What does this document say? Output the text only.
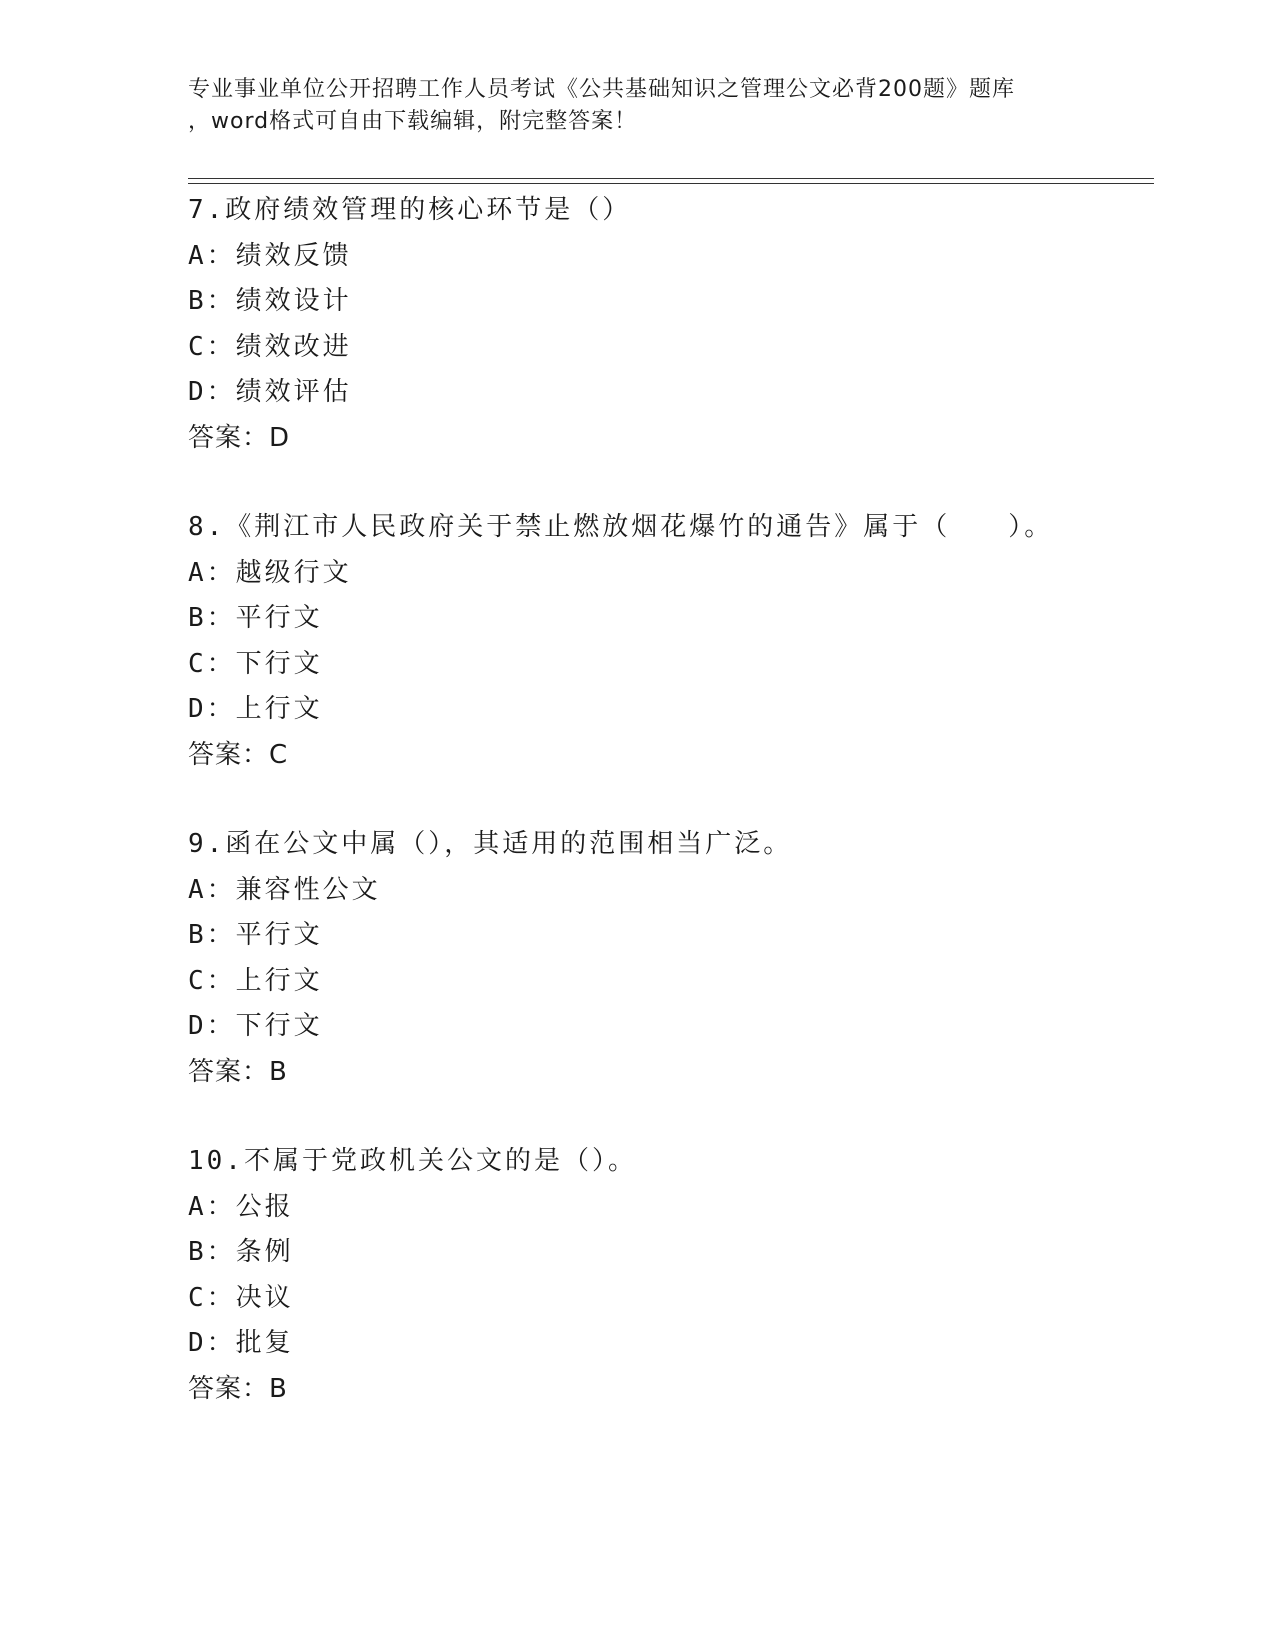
专业事业单位公开招聘工作人员考试《公共基础知识之管理公文必背200题》题库
，word格式可自由下载编辑，附完整答案！
7.政府绩效管理的核心环节是（）
A：绩效反馈
B：绩效设计
C：绩效改进
D：绩效评估
答案：D
8.《荆江市人民政府关于禁止燃放烟花爆竹的通告》属于（　　）。
A：越级行文
B：平行文
C：下行文
D：上行文
答案：C
9.函在公文中属（），其适用的范围相当广泛。
A：兼容性公文
B：平行文
C：上行文
D：下行文
答案：B
10.不属于党政机关公文的是（）。
A：公报
B：条例
C：决议
D：批复
答案：B
